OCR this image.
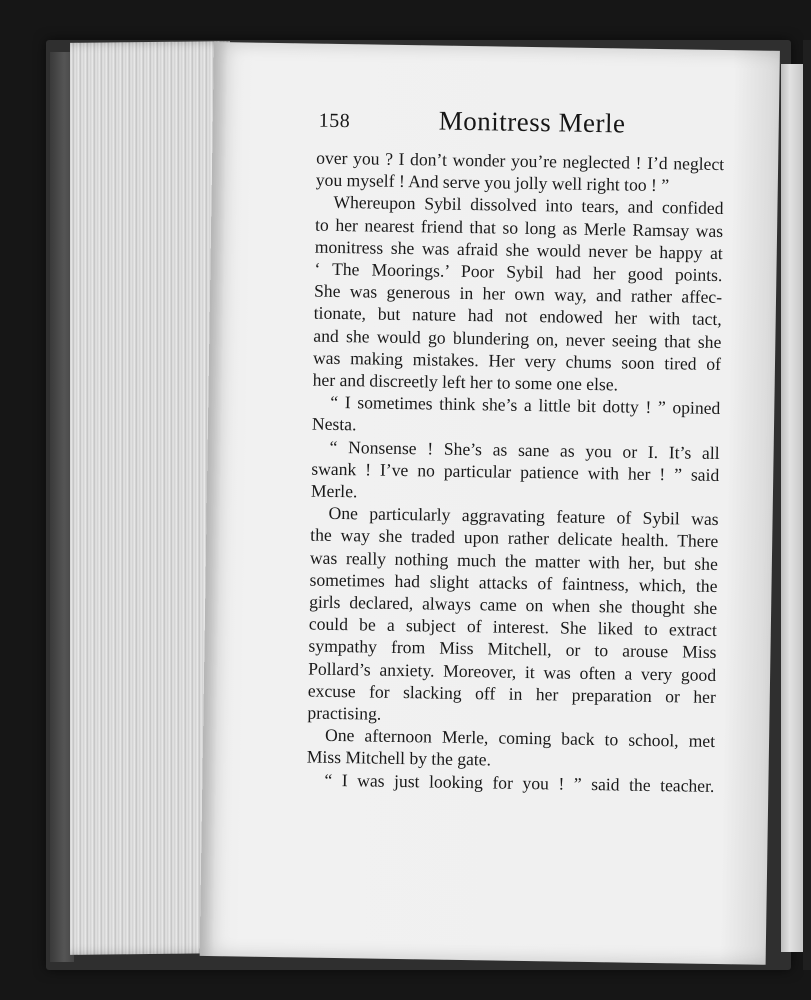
158	Monitress Merle
over you ? I don’t wonder you’re neglected ! I’d neglect
you myself ! And serve you jolly well right too ! ”
Whereupon Sybil dissolved into tears, and confided
to her nearest friend that so long as Merle Ramsay was
monitress she was afraid she would never be happy at
‘ The Moorings.’ Poor Sybil had her good points.
She was generous in her own way, and rather affec-
tionate, but nature had not endowed her with tact,
and she would go blundering on, never seeing that she
was making mistakes. Her very chums soon tired of
her and discreetly left her to some one else.
“ I sometimes think she’s a little bit dotty ! ” opined
Nesta.
“ Nonsense ! She’s as sane as you or I. It’s all
swank ! I’ve no particular patience with her ! ” said
Merle.
One particularly aggravating feature of Sybil was
the way she traded upon rather delicate health. There
was really nothing much the matter with her, but she
sometimes had slight attacks of faintness, which, the
girls declared, always came on when she thought she
could be a subject of interest. She liked to extract
sympathy from Miss Mitchell, or to arouse Miss
Pollard’s anxiety. Moreover, it was often a very good
excuse for slacking off in her preparation or her
practising.
One afternoon Merle, coming back to school, met
Miss Mitchell by the gate.
“ I was just looking for you ! ” said the teacher.
